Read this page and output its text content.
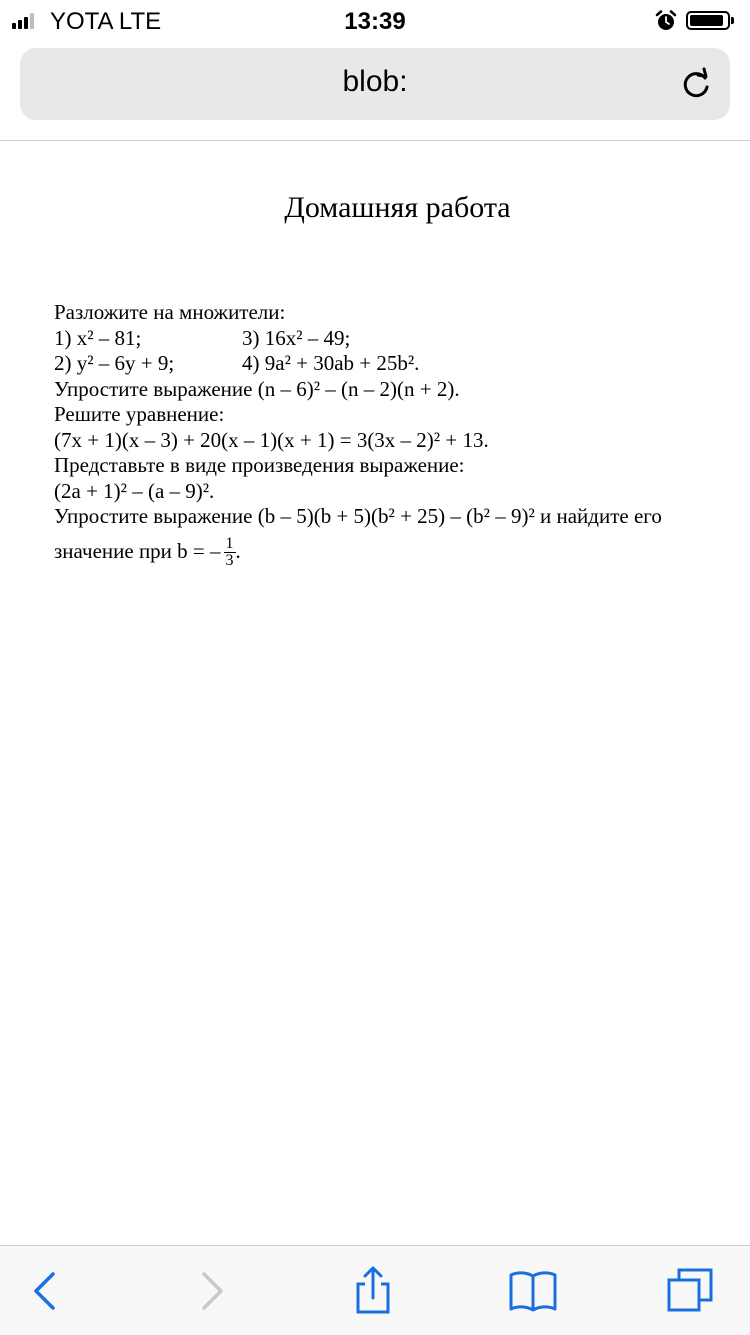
YOTA LTE	13:39
blob:
Домашняя работа
Разложите на множители:
1) x² – 81;	3) 16x² – 49;
2) y² – 6y + 9;	4) 9a² + 30ab + 25b².
Упростите выражение (n – 6)² – (n – 2)(n + 2).
Решите уравнение:
(7x + 1)(x – 3) + 20(x – 1)(x + 1) = 3(3x – 2)² + 13.
Представьте в виде произведения выражение:
(2a + 1)² – (a – 9)².
Упростите выражение (b – 5)(b + 5)(b² + 25) – (b² – 9)² и найдите его
значение при b = – $\frac{1}{3}$ .
